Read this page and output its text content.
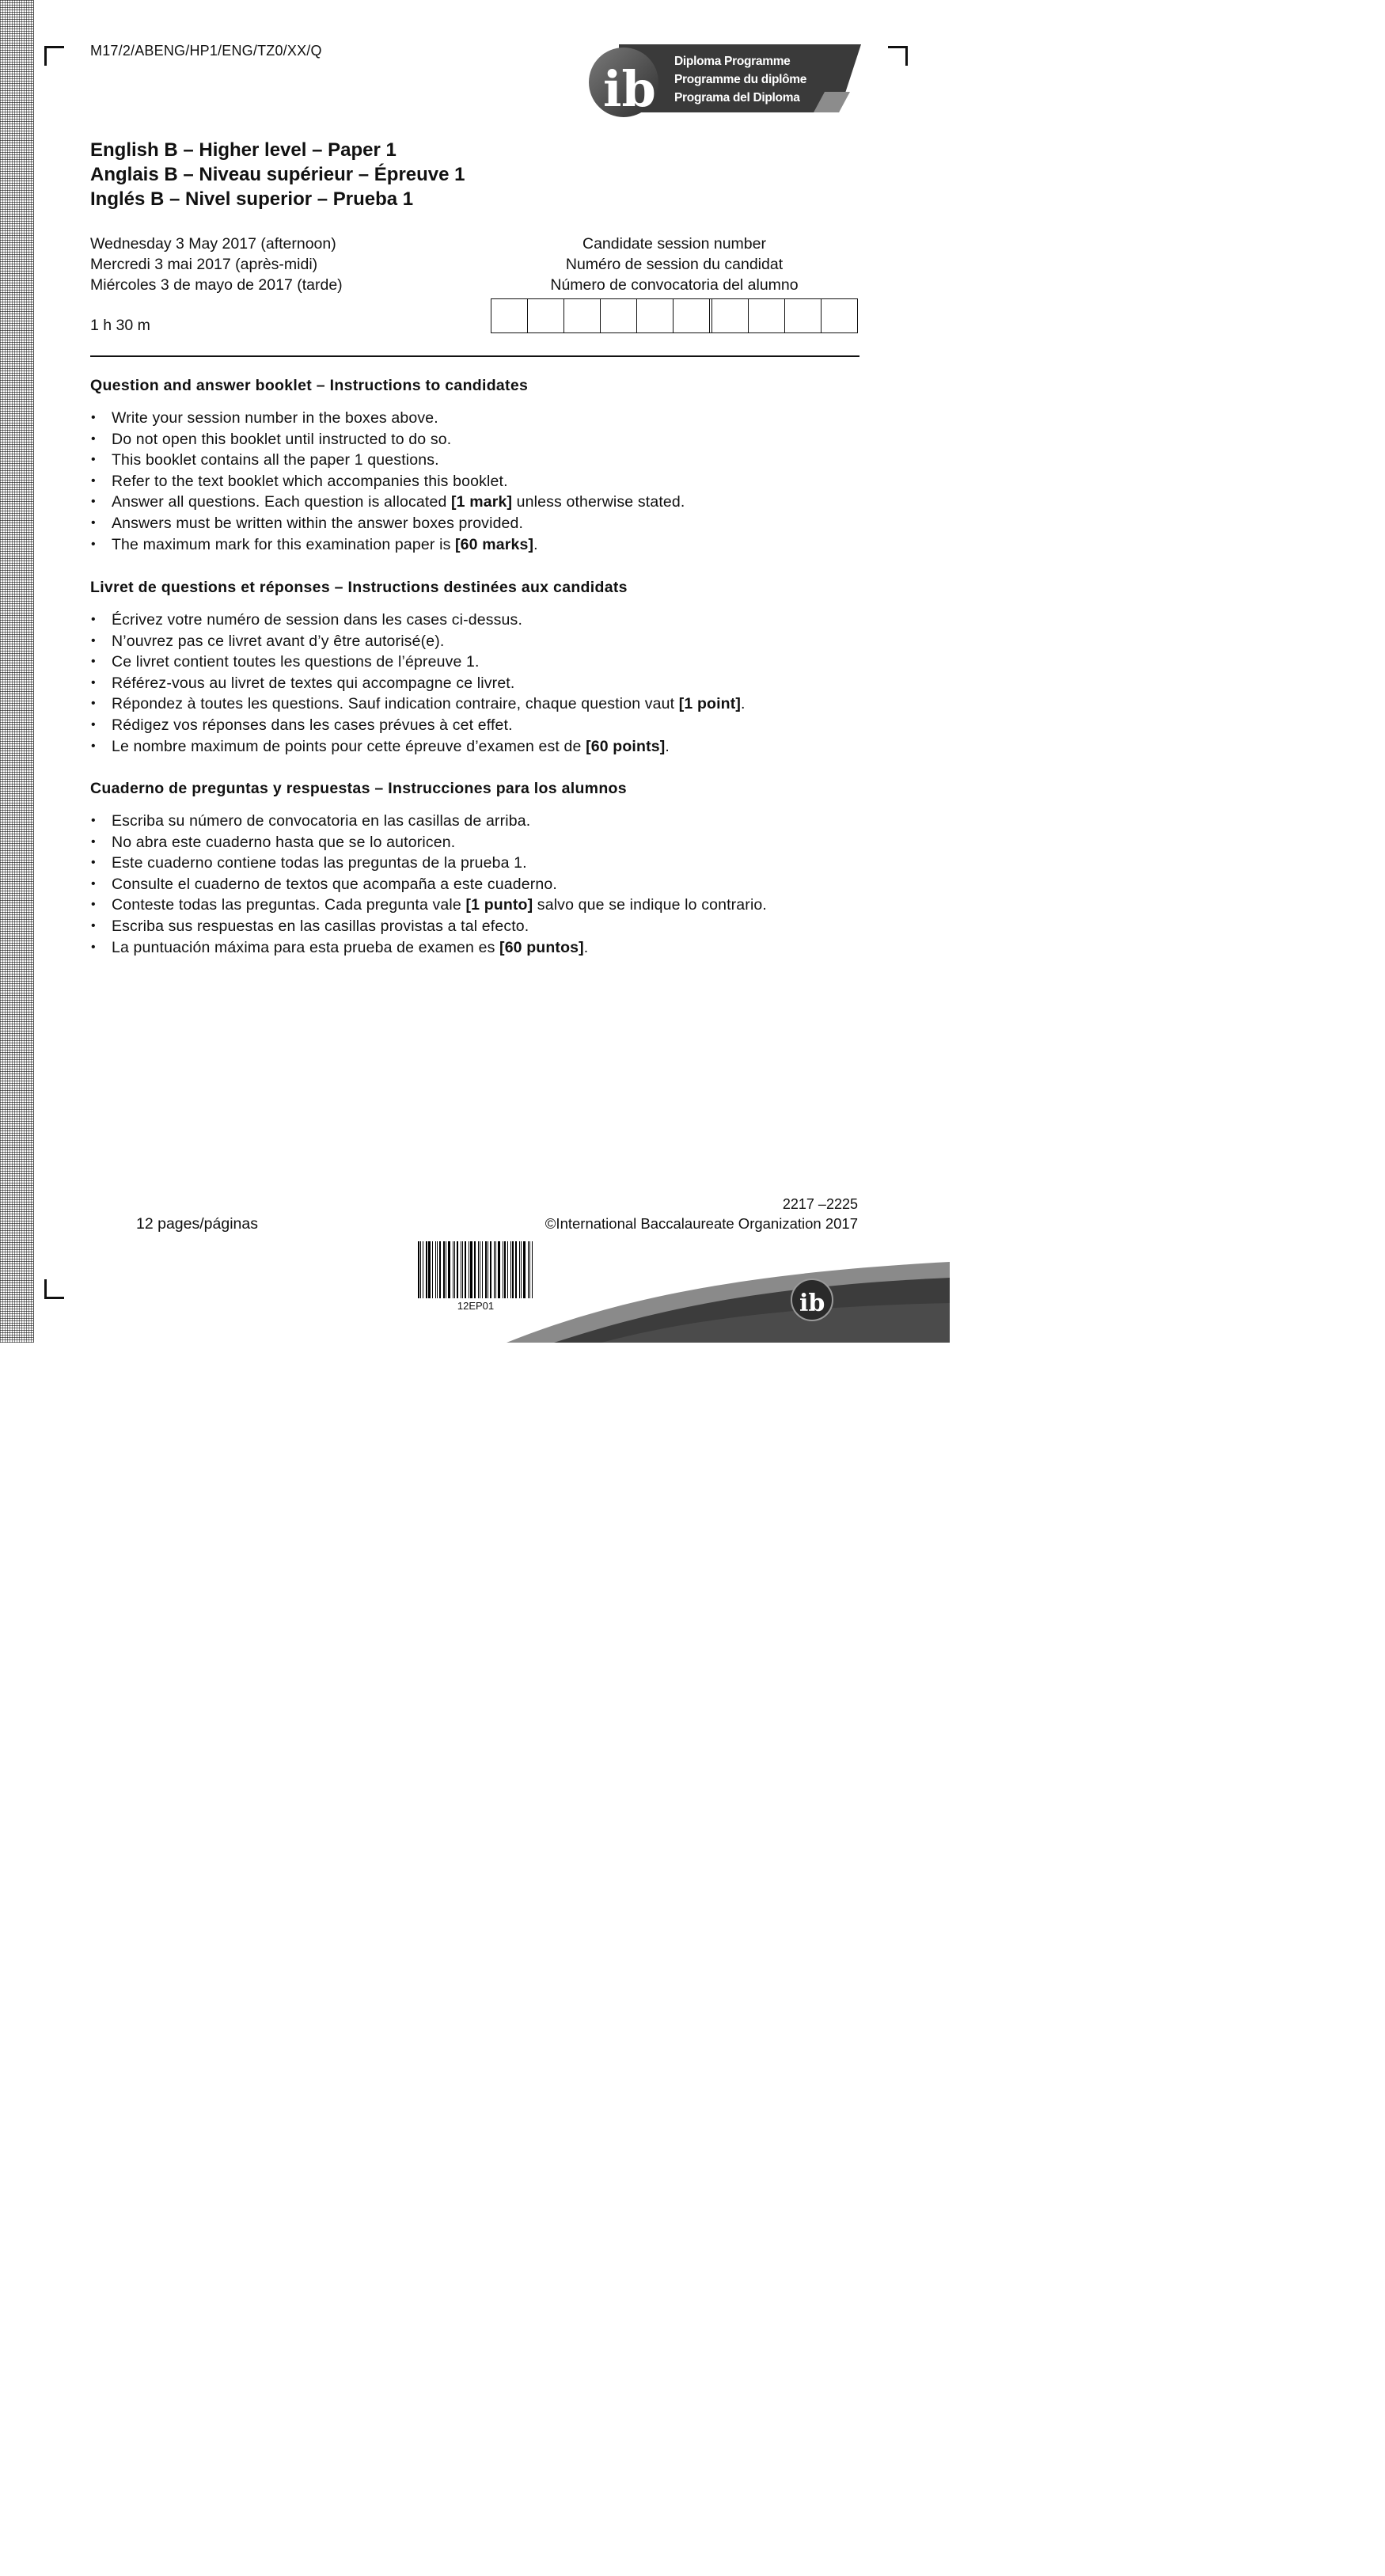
M17/2/ABENG/HP1/ENG/TZ0/XX/Q
ib Diploma Programme
Programme du diplôme
Programa del Diploma
English B – Higher level – Paper 1
Anglais B – Niveau supérieur – Épreuve 1
Inglés B – Nivel superior – Prueba 1
Wednesday 3 May 2017 (afternoon)
Mercredi 3 mai 2017 (après-midi)
Miércoles 3 de mayo de 2017 (tarde)
1 h 30 m
Candidate session number
Numéro de session du candidat
Número de convocatoria del alumno
Question and answer booklet – Instructions to candidates
• Write your session number in the boxes above.
• Do not open this booklet until instructed to do so.
• This booklet contains all the paper 1 questions.
• Refer to the text booklet which accompanies this booklet.
• Answer all questions. Each question is allocated [1 mark] unless otherwise stated.
• Answers must be written within the answer boxes provided.
• The maximum mark for this examination paper is [60 marks].
Livret de questions et réponses – Instructions destinées aux candidats
• Écrivez votre numéro de session dans les cases ci-dessus.
• N’ouvrez pas ce livret avant d’y être autorisé(e).
• Ce livret contient toutes les questions de l’épreuve 1.
• Référez-vous au livret de textes qui accompagne ce livret.
• Répondez à toutes les questions. Sauf indication contraire, chaque question vaut [1 point].
• Rédigez vos réponses dans les cases prévues à cet effet.
• Le nombre maximum de points pour cette épreuve d’examen est de [60 points].
Cuaderno de preguntas y respuestas – Instrucciones para los alumnos
• Escriba su número de convocatoria en las casillas de arriba.
• No abra este cuaderno hasta que se lo autoricen.
• Este cuaderno contiene todas las preguntas de la prueba 1.
• Consulte el cuaderno de textos que acompaña a este cuaderno.
• Conteste todas las preguntas. Cada pregunta vale [1 punto] salvo que se indique lo contrario.
• Escriba sus respuestas en las casillas provistas a tal efecto.
• La puntuación máxima para esta prueba de examen es [60 puntos].
2217 –2225
12 pages/páginas	©International Baccalaureate Organization 2017
12EP01	ib
International Baccalaureate®
Baccalauréat International
Bachillerato Internacional
